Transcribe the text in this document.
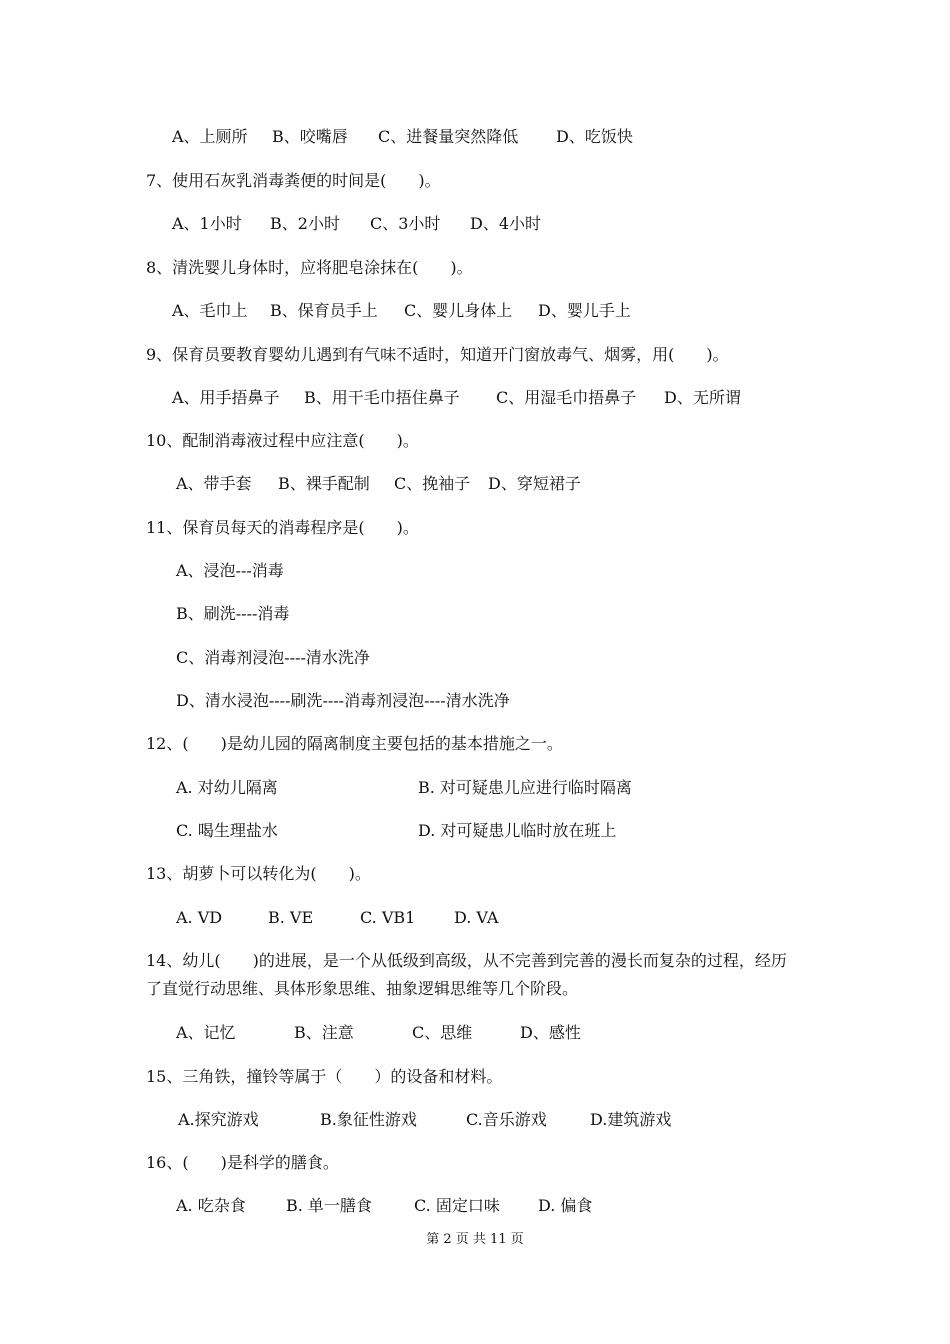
A、上厕所 B、咬嘴唇 C、进餐量突然降低 D、吃饭快
7、使用石灰乳消毒粪便的时间是(　　)。
A、1小时 B、2小时 C、3小时 D、4小时
8、清洗婴儿身体时，应将肥皂涂抹在(　　)。
A、毛巾上 B、保育员手上 C、婴儿身体上 D、婴儿手上
9、保育员要教育婴幼儿遇到有气味不适时，知道开门窗放毒气、烟雾，用(　　)。
A、用手捂鼻子 B、用干毛巾捂住鼻子 C、用湿毛巾捂鼻子 D、无所谓
10、配制消毒液过程中应注意(　　)。
A、带手套 B、裸手配制 C、挽袖子 D、穿短裙子
11、保育员每天的消毒程序是(　　)。
A、浸泡---消毒
B、刷洗----消毒
C、消毒剂浸泡----清水洗净
D、清水浸泡----刷洗----消毒剂浸泡----清水洗净
12、(　　)是幼儿园的隔离制度主要包括的基本措施之一。
A. 对幼儿隔离	B. 对可疑患儿应进行临时隔离
C. 喝生理盐水	D. 对可疑患儿临时放在班上
13、胡萝卜可以转化为(　　)。
A. VD	B. VE	C. VB1 D. VA
14、幼儿(　　)的进展，是一个从低级到高级，从不完善到完善的漫长而复杂的过程，经历
了直觉行动思维、具体形象思维、抽象逻辑思维等几个阶段。
A、记忆	B、注意	C、思维	D、感性
15、三角铁，撞铃等属于（　　）的设备和材料。
A.探究游戏	B.象征性游戏	C.音乐游戏	D.建筑游戏
16、(　　)是科学的膳食。
A. 吃杂食	B. 单一膳食	C. 固定口味 D. 偏食
第 2 页 共 11 页
